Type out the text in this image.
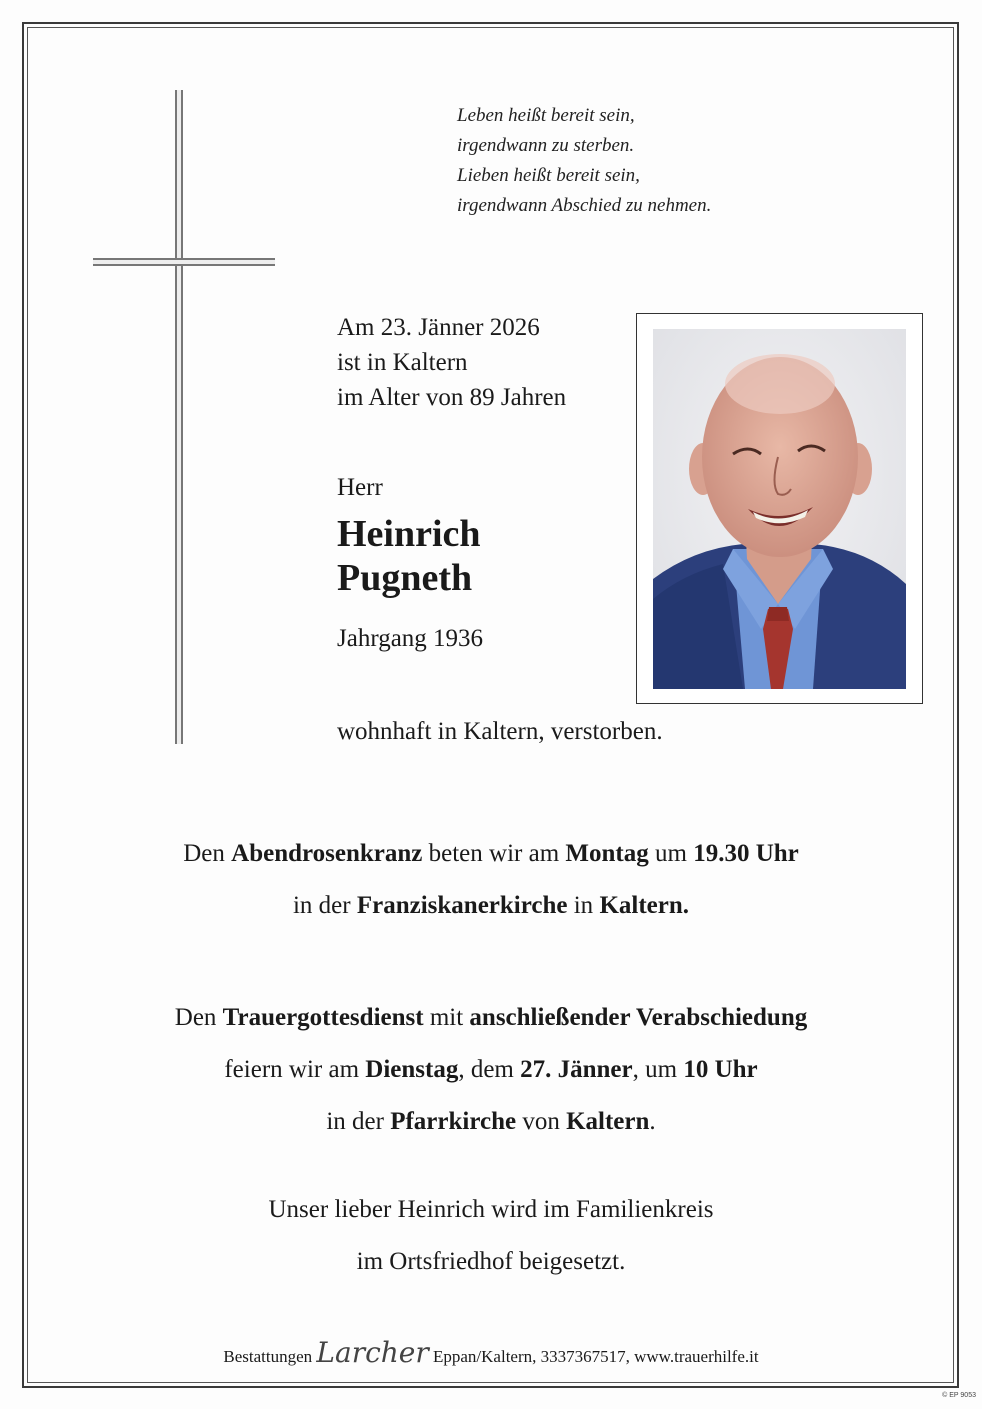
Leben heißt bereit sein,
irgendwann zu sterben.
Lieben heißt bereit sein,
irgendwann Abschied zu nehmen.
Am 23. Jänner 2026
ist in Kaltern
im Alter von 89 Jahren
Herr
Heinrich
Pugneth
Jahrgang 1936
wohnhaft in Kaltern, verstorben.
Den Abendrosenkranz beten wir am Montag um 19.30 Uhr
in der Franziskanerkirche in Kaltern.
Den Trauergottesdienst mit anschließender Verabschiedung
feiern wir am Dienstag, dem 27. Jänner, um 10 Uhr
in der Pfarrkirche von Kaltern.
Unser lieber Heinrich wird im Familienkreis
im Ortsfriedhof beigesetzt.
Bestattungen Larcher Eppan/Kaltern, 3337367517, www.trauerhilfe.it
© EP 9053
